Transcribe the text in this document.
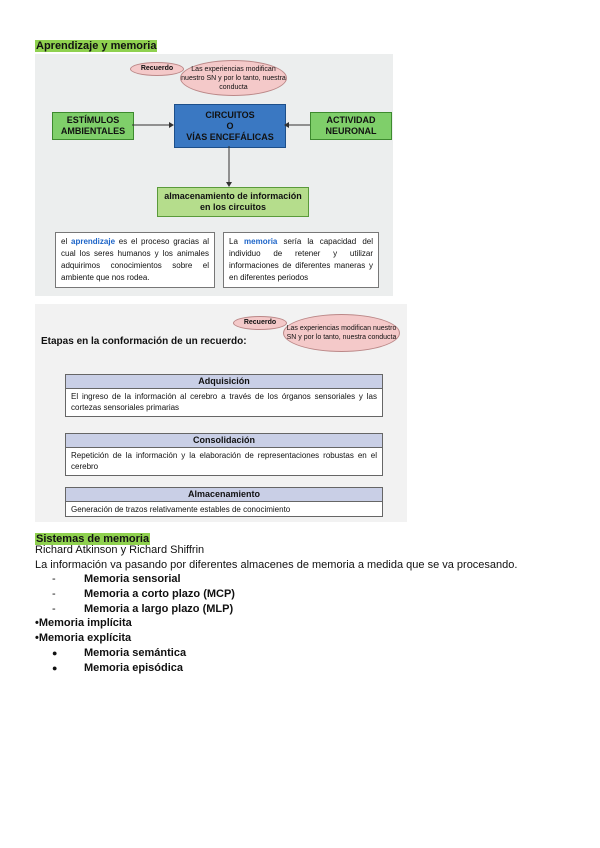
Aprendizaje y memoria
Las experiencias modifican nuestro SN y por lo tanto, nuestra conducta
Recuerdo
CIRCUITOS
O
VÍAS ENCEFÁLICAS
ESTÍMULOS AMBIENTALES
ACTIVIDAD NEURONAL
almacenamiento de información en los circuitos
el aprendizaje es el proceso gracias al cual los seres humanos y los animales adquirimos conocimientos sobre el ambiente que nos rodea.
La memoria sería la capacidad del individuo de retener y utilizar informaciones de diferentes maneras y en diferentes periodos
Etapas en la conformación de un recuerdo:
Las experiencias modifican nuestro SN y por lo tanto, nuestra conducta
Recuerdo
Adquisición
El ingreso de la información al cerebro a través de los órganos sensoriales y las cortezas sensoriales primarias
Consolidación
Repetición de la información y la elaboración de representaciones robustas en el cerebro
Almacenamiento
Generación de trazos relativamente estables de conocimiento
Sistemas de memoria
Richard Atkinson y Richard Shiffrin
La información va pasando por diferentes almacenes de memoria a medida que se va procesando.
-	Memoria sensorial
-	Memoria a corto plazo (MCP)
-	Memoria a largo plazo (MLP)
•Memoria implícita
•Memoria explícita
● Memoria semántica
● Memoria episódica
